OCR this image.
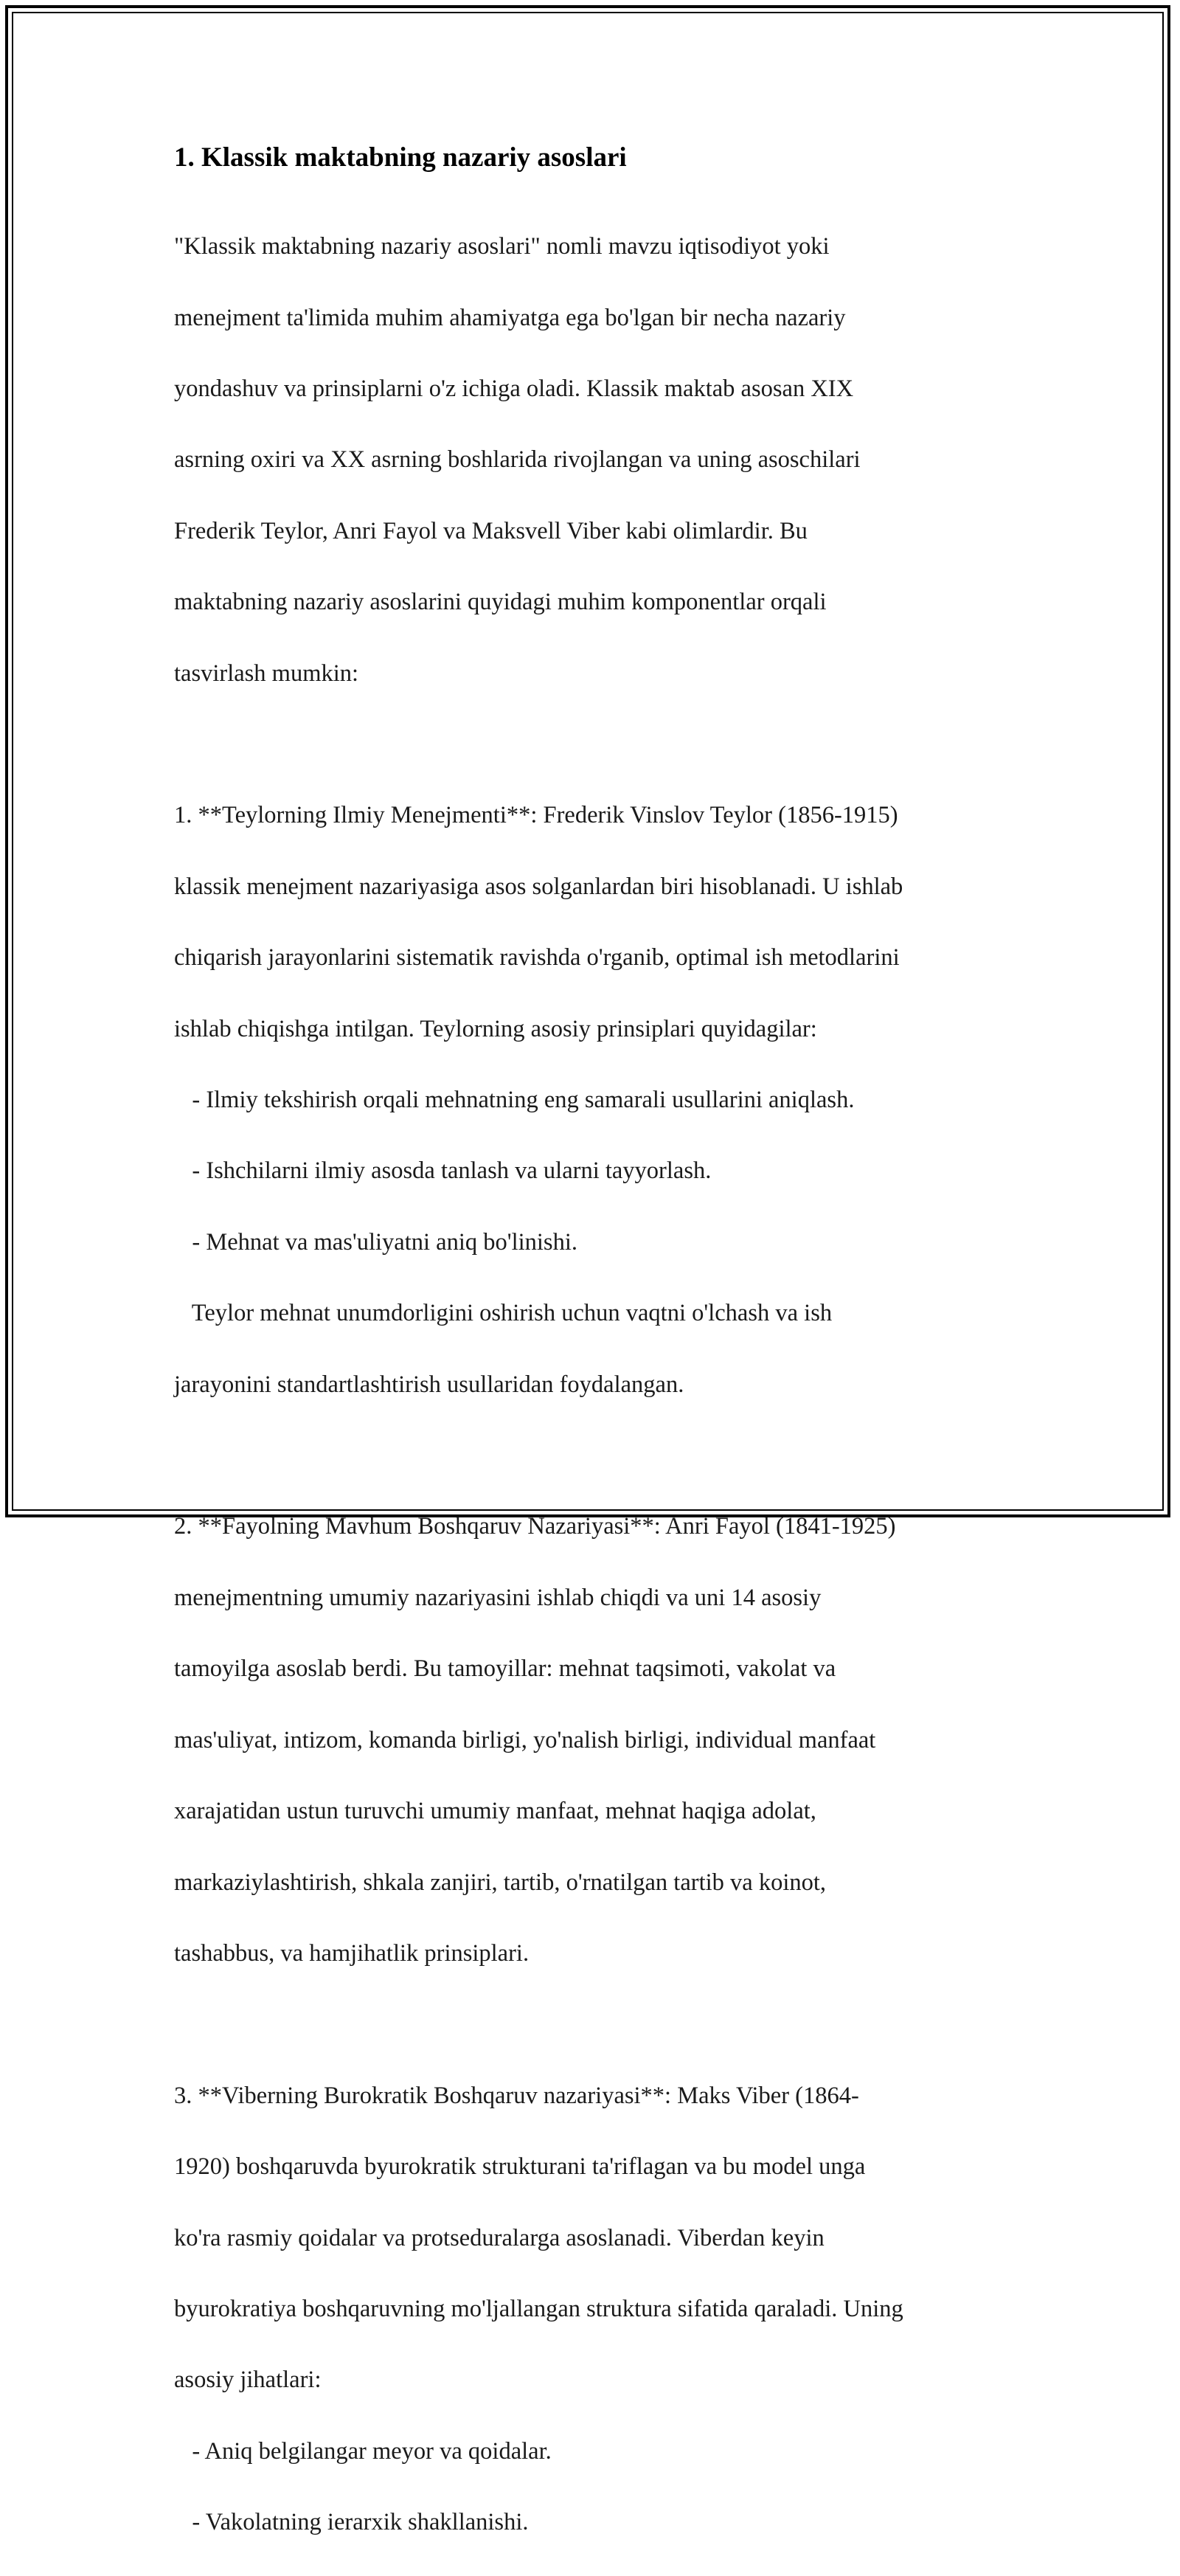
1. Klassik maktabning nazariy asoslari

"Klassik maktabning nazariy asoslari" nomli mavzu iqtisodiyot yoki

menejment ta'limida muhim ahamiyatga ega bo'lgan bir necha nazariy

yondashuv va prinsiplarni o'z ichiga oladi. Klassik maktab asosan XIX

asrning oxiri va XX asrning boshlarida rivojlangan va uning asoschilari

Frederik Teylor, Anri Fayol va Maksvell Viber kabi olimlardir. Bu

maktabning nazariy asoslarini quyidagi muhim komponentlar orqali

tasvirlash mumkin:

1. **Teylorning Ilmiy Menejmenti**: Frederik Vinslov Teylor (1856-1915)

klassik menejment nazariyasiga asos solganlardan biri hisoblanadi. U ishlab

chiqarish jarayonlarini sistematik ravishda o'rganib, optimal ish metodlarini

ishlab chiqishga intilgan. Teylorning asosiy prinsiplari quyidagilar:

- Ilmiy tekshirish orqali mehnatning eng samarali usullarini aniqlash.

- Ishchilarni ilmiy asosda tanlash va ularni tayyorlash.

- Mehnat va mas'uliyatni aniq bo'linishi.

Teylor mehnat unumdorligini oshirish uchun vaqtni o'lchash va ish

jarayonini standartlashtirish usullaridan foydalangan.

2. **Fayolning Mavhum Boshqaruv Nazariyasi**: Anri Fayol (1841-1925)

menejmentning umumiy nazariyasini ishlab chiqdi va uni 14 asosiy

tamoyilga asoslab berdi. Bu tamoyillar: mehnat taqsimoti, vakolat va

mas'uliyat, intizom, komanda birligi, yo'nalish birligi, individual manfaat

xarajatidan ustun turuvchi umumiy manfaat, mehnat haqiga adolat,

markaziylashtirish, shkala zanjiri, tartib, o'rnatilgan tartib va koinot,

tashabbus, va hamjihatlik prinsiplari.

3. **Viberning Burokratik Boshqaruv nazariyasi**: Maks Viber (1864-

1920) boshqaruvda byurokratik strukturani ta'riflagan va bu model unga

ko'ra rasmiy qoidalar va protseduralarga asoslanadi. Viberdan keyin

byurokratiya boshqaruvning mo'ljallangan struktura sifatida qaraladi. Uning

asosiy jihatlari:

- Aniq belgilangar meyor va qoidalar.

- Vakolatning ierarxik shakllanishi.
